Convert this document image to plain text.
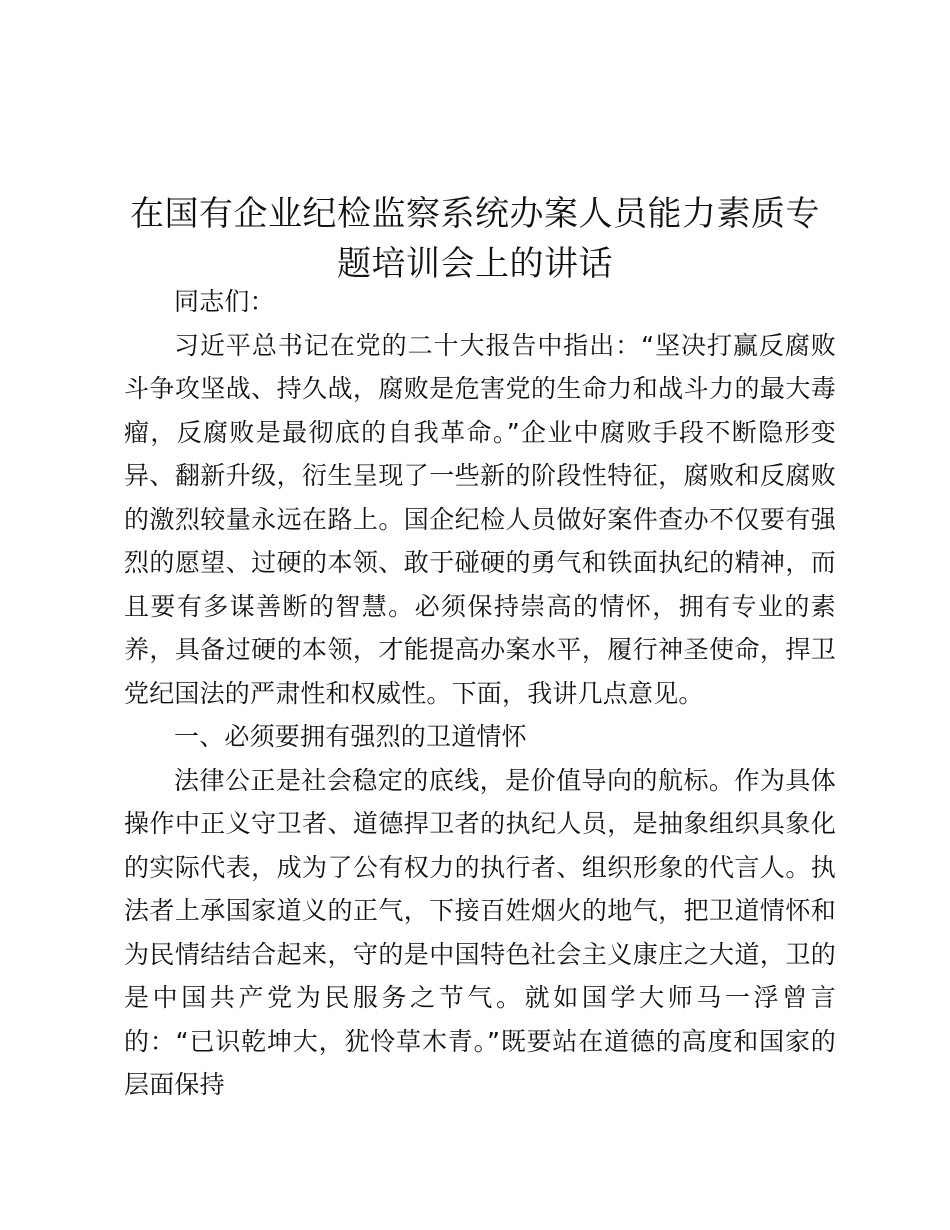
在国有企业纪检监察系统办案人员能力素质专题培训会上的讲话

同志们：

习近平总书记在党的二十大报告中指出：“坚决打赢反腐败斗争攻坚战、持久战，腐败是危害党的生命力和战斗力的最大毒瘤，反腐败是最彻底的自我革命。”企业中腐败手段不断隐形变异、翻新升级，衍生呈现了一些新的阶段性特征，腐败和反腐败的激烈较量永远在路上。国企纪检人员做好案件查办不仅要有强烈的愿望、过硬的本领、敢于碰硬的勇气和铁面执纪的精神，而且要有多谋善断的智慧。必须保持崇高的情怀，拥有专业的素养，具备过硬的本领，才能提高办案水平，履行神圣使命，捍卫党纪国法的严肃性和权威性。下面，我讲几点意见。

一、必须要拥有强烈的卫道情怀

法律公正是社会稳定的底线，是价值导向的航标。作为具体操作中正义守卫者、道德捍卫者的执纪人员，是抽象组织具象化的实际代表，成为了公有权力的执行者、组织形象的代言人。执法者上承国家道义的正气，下接百姓烟火的地气，把卫道情怀和为民情结结合起来，守的是中国特色社会主义康庄之大道，卫的是中国共产党为民服务之节气。就如国学大师马一浮曾言的：“已识乾坤大，犹怜草木青。”既要站在道德的高度和国家的层面保持
